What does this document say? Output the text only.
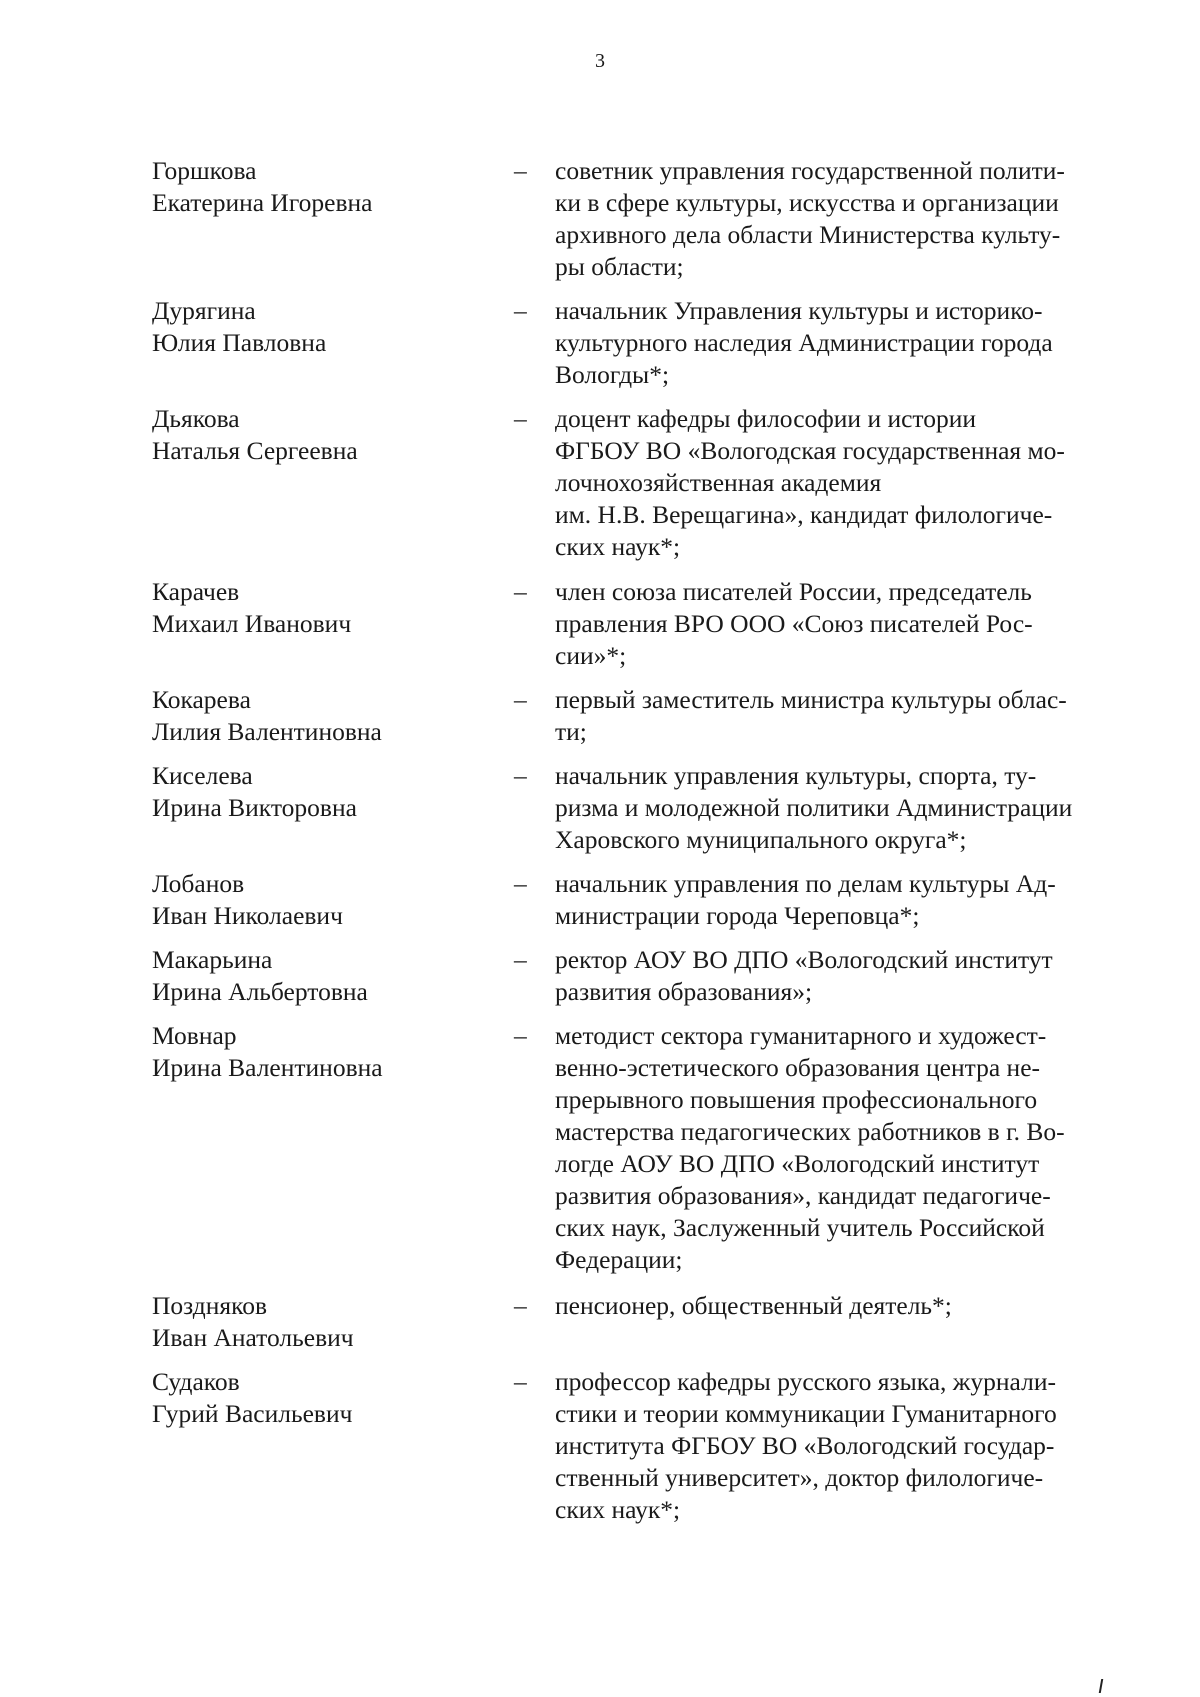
3
Горшкова
Екатерина Игоревна
– советник управления государственной полити-
ки в сфере культуры, искусства и организации
архивного дела области Министерства культу-
ры области;
Дурягина
Юлия Павловна
– начальник Управления культуры и историко-
культурного наследия Администрации города
Вологды*;
Дьякова
Наталья Сергеевна
– доцент кафедры философии и истории
ФГБОУ ВО «Вологодская государственная мо-
лочнохозяйственная академия
им. Н.В. Верещагина», кандидат филологиче-
ских наук*;
Карачев
Михаил Иванович
– член союза писателей России, председатель
правления ВРО ООО «Союз писателей Рос-
сии»*;
Кокарева
Лилия Валентиновна
– первый заместитель министра культуры облас-
ти;
Киселева
Ирина Викторовна
– начальник управления культуры, спорта, ту-
ризма и молодежной политики Администрации
Харовского муниципального округа*;
Лобанов
Иван Николаевич
– начальник управления по делам культуры Ад-
министрации города Череповца*;
Макарьина
Ирина Альбертовна
– ректор АОУ ВО ДПО «Вологодский институт
развития образования»;
Мовнар
Ирина Валентиновна
– методист сектора гуманитарного и художест-
венно-эстетического образования центра не-
прерывного повышения профессионального
мастерства педагогических работников в г. Во-
логде АОУ ВО ДПО «Вологодский институт
развития образования», кандидат педагогиче-
ских наук, Заслуженный учитель Российской
Федерации;
Поздняков
Иван Анатольевич
– пенсионер, общественный деятель*;
Судаков
Гурий Васильевич
– профессор кафедры русского языка, журнали-
стики и теории коммуникации Гуманитарного
института ФГБОУ ВО «Вологодский государ-
ственный университет», доктор филологиче-
ских наук*;
